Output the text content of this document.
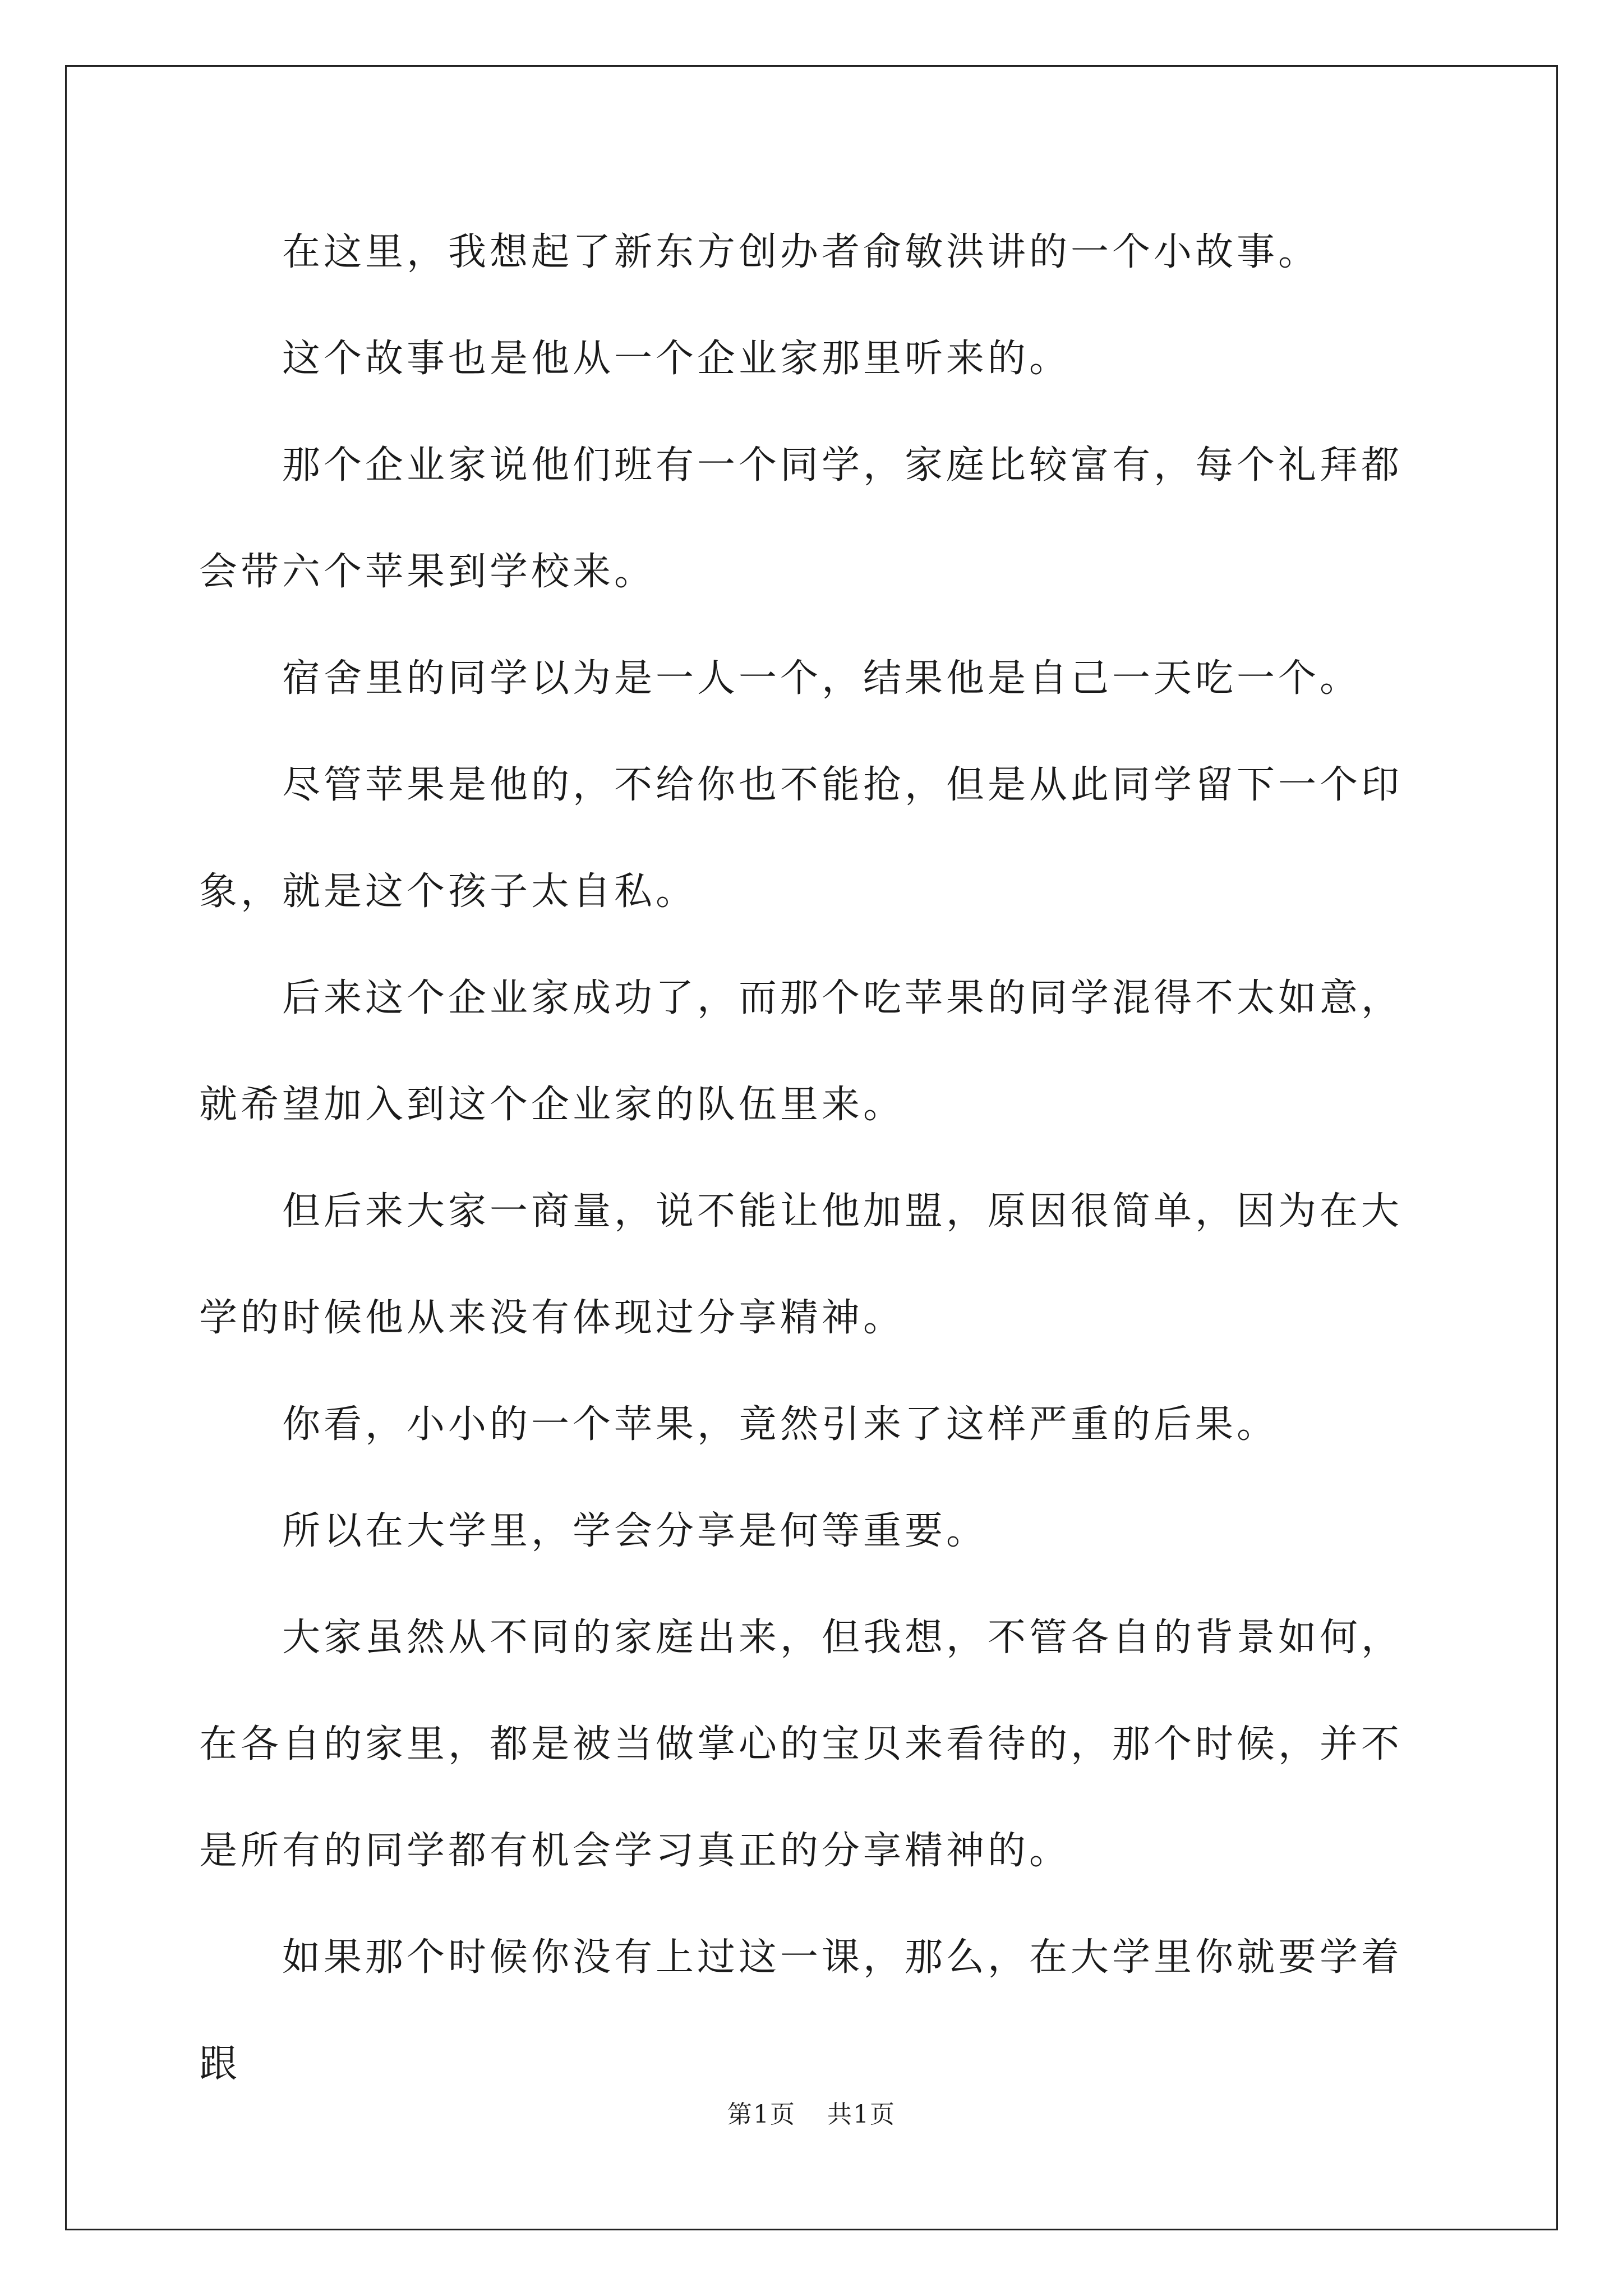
在这里，我想起了新东方创办者俞敏洪讲的一个小故事。

这个故事也是他从一个企业家那里听来的。

那个企业家说他们班有一个同学，家庭比较富有，每个礼拜都会带六个苹果到学校来。

宿舍里的同学以为是一人一个，结果他是自己一天吃一个。

尽管苹果是他的，不给你也不能抢，但是从此同学留下一个印象，就是这个孩子太自私。

后来这个企业家成功了，而那个吃苹果的同学混得不太如意，就希望加入到这个企业家的队伍里来。

但后来大家一商量，说不能让他加盟，原因很简单，因为在大学的时候他从来没有体现过分享精神。

你看，小小的一个苹果，竟然引来了这样严重的后果。

所以在大学里，学会分享是何等重要。

大家虽然从不同的家庭出来，但我想，不管各自的背景如何，在各自的家里，都是被当做掌心的宝贝来看待的，那个时候，并不是所有的同学都有机会学习真正的分享精神的。

如果那个时候你没有上过这一课，那么，在大学里你就要学着跟

第1页 共1页
